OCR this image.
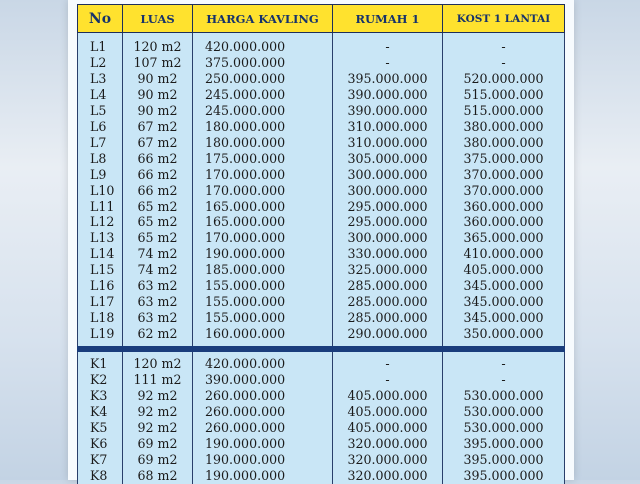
No	LUAS	HARGA KAVLING	RUMAH 1	KOST 1 LANTAI

L1	120 m2	420.000.000	-	-
L2	107 m2	375.000.000	-	-
L3	90 m2	250.000.000	395.000.000	520.000.000
L4	90 m2	245.000.000	390.000.000	515.000.000
L5	90 m2	245.000.000	390.000.000	515.000.000
L6	67 m2	180.000.000	310.000.000	380.000.000
L7	67 m2	180.000.000	310.000.000	380.000.000
L8	66 m2	175.000.000	305.000.000	375.000.000
L9	66 m2	170.000.000	300.000.000	370.000.000
L10	66 m2	170.000.000	300.000.000	370.000.000
L11	65 m2	165.000.000	295.000.000	360.000.000
L12	65 m2	165.000.000	295.000.000	360.000.000
L13	65 m2	170.000.000	300.000.000	365.000.000
L14	74 m2	190.000.000	330.000.000	410.000.000
L15	74 m2	185.000.000	325.000.000	405.000.000
L16	63 m2	155.000.000	285.000.000	345.000.000
L17	63 m2	155.000.000	285.000.000	345.000.000
L18	63 m2	155.000.000	285.000.000	345.000.000
L19	62 m2	160.000.000	290.000.000	350.000.000

K1	120 m2	420.000.000	-	-
K2	111 m2	390.000.000	-	-
K3	92 m2	260.000.000	405.000.000	530.000.000
K4	92 m2	260.000.000	405.000.000	530.000.000
K5	92 m2	260.000.000	405.000.000	530.000.000
K6	69 m2	190.000.000	320.000.000	395.000.000
K7	69 m2	190.000.000	320.000.000	395.000.000
K8	68 m2	190.000.000	320.000.000	395.000.000
